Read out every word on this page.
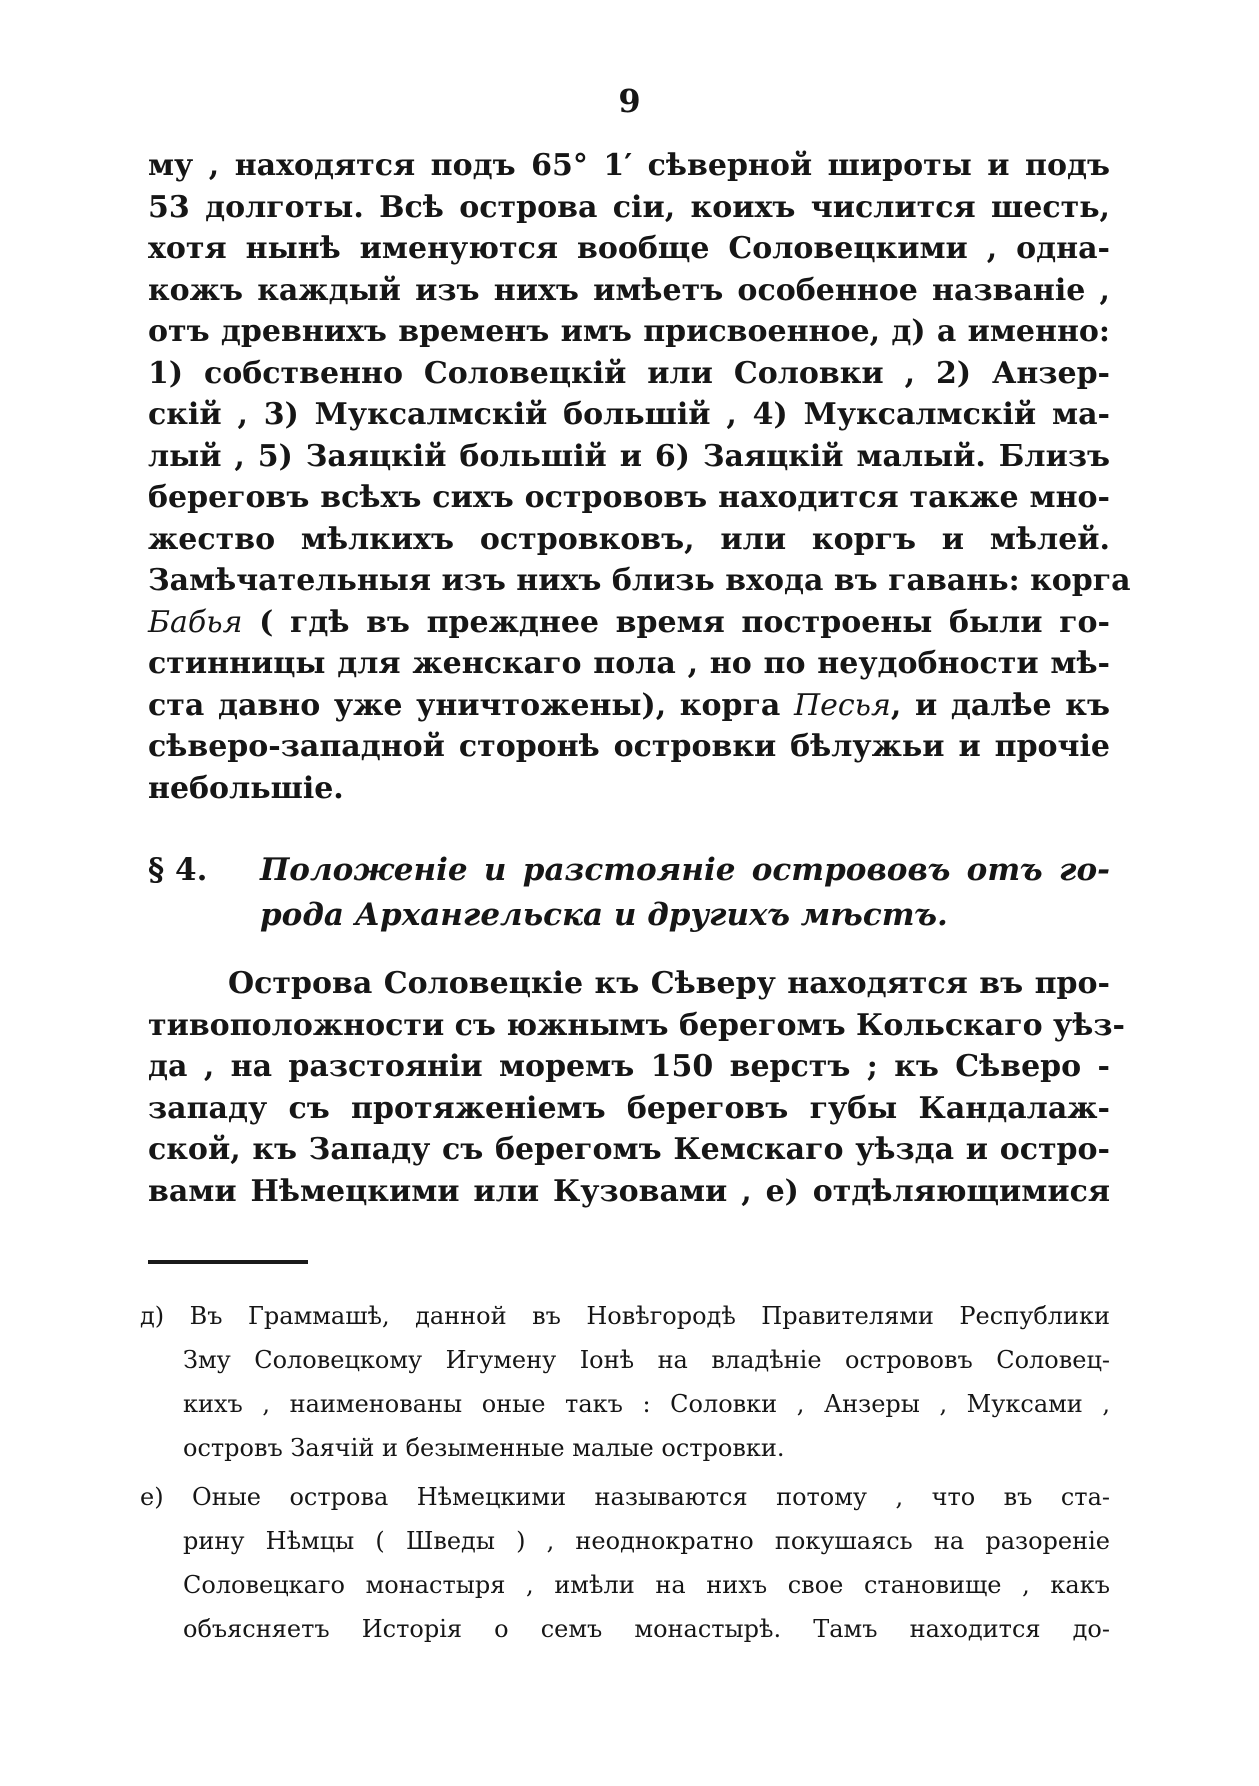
9
му , находятся подъ 65° 1′ сѣверной широты и подъ
53 долготы. Всѣ острова сіи, коихъ числится шесть,
хотя нынѣ именуются вообще Соловецкими , одна-
кожъ каждый изъ нихъ имѣетъ особенное названіе ,
отъ древнихъ временъ имъ присвоенное, д) а именно:
1) собственно Соловецкій или Соловки , 2) Анзер-
скій , 3) Муксалмскій большій , 4) Муксалмскій ма-
лый , 5) Заяцкій большій и 6) Заяцкій малый. Близъ
береговъ всѣхъ сихъ острововъ находится также мно-
жество мѣлкихъ островковъ, или коргъ и мѣлей.
Замѣчательныя изъ нихъ близь входа въ гавань: корга
Бабья ( гдѣ въ прежднее время построены были го-
стинницы для женскаго пола , но по неудобности мѣ-
ста давно уже уничтожены), корга Песья, и далѣе къ
сѣверо-западной сторонѣ островки бѣлужьи и прочіе
небольшіе.
§ 4. Положеніе и разстояніе острововъ отъ го-
рода Архангельска и другихъ мѣстъ.
Острова Соловецкіе къ Сѣверу находятся въ про-
тивоположности съ южнымъ берегомъ Кольскаго уѣз-
да , на разстояніи моремъ 150 верстъ ; къ Сѣверо -
западу съ протяженіемъ береговъ губы Кандалаж-
ской, къ Западу съ берегомъ Кемскаго уѣзда и остро-
вами Нѣмецкими или Кузовами , е) отдѣляющимися
д) Въ Граммашѣ, данной въ Новѣгородѣ Правителями Республики
Зму Соловецкому Игумену Іонѣ на владѣніе острововъ Соловец-
кихъ , наименованы оные такъ : Соловки , Анзеры , Муксами ,
островъ Заячій и безыменные малые островки.
е) Оные острова Нѣмецкими называются потому , что въ ста-
рину Нѣмцы ( Шведы ) , неоднократно покушаясь на разореніе
Соловецкаго монастыря , имѣли на нихъ свое становище , какъ
объясняетъ Исторія о семъ монастырѣ. Тамъ находится до-
